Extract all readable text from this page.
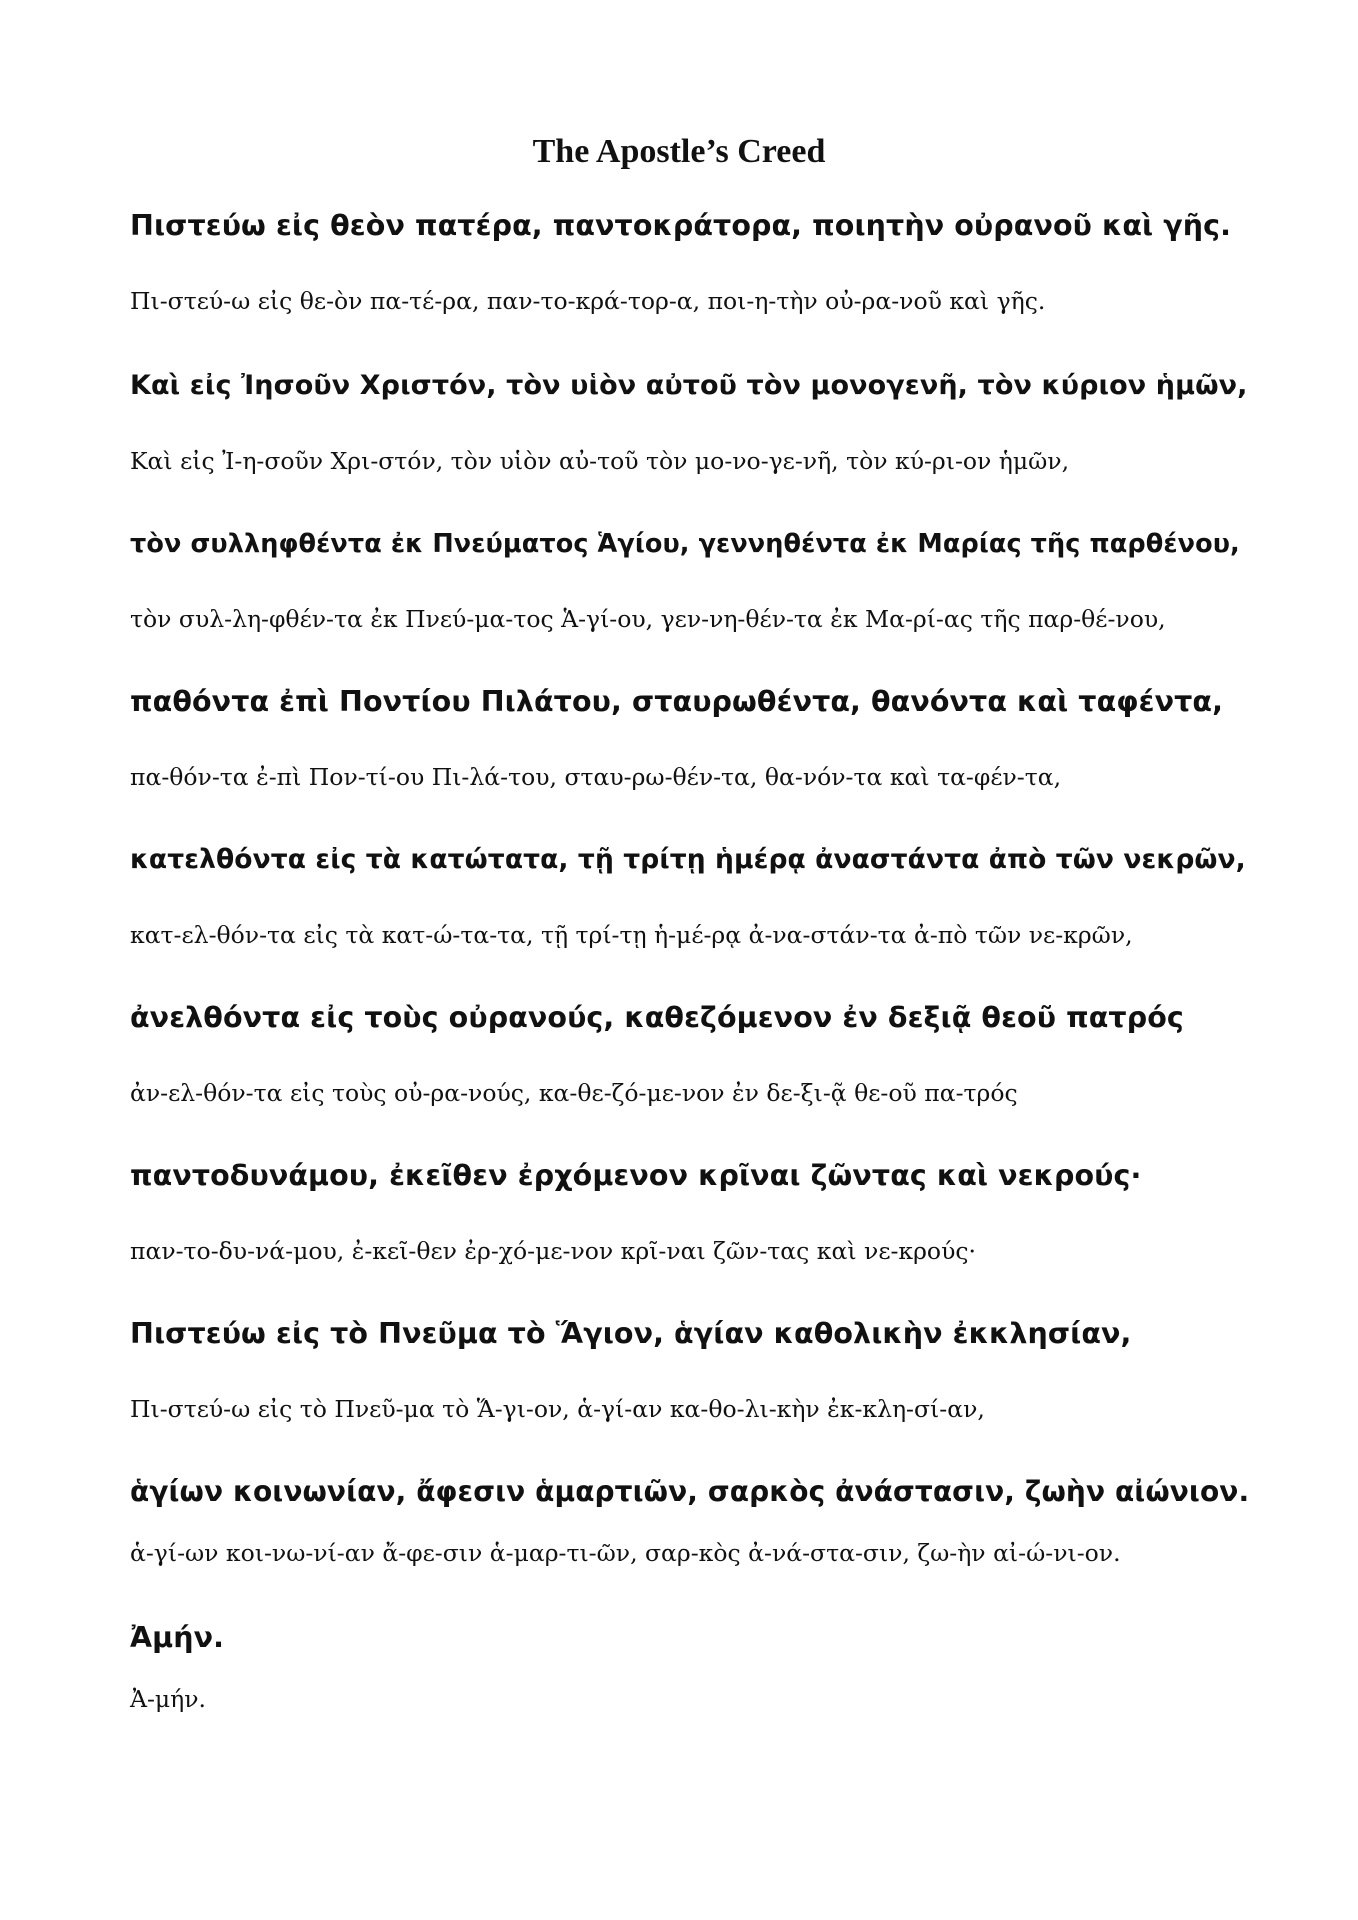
The Apostle’s Creed

Πιστεύω εἰς θεὸν πατέρα, παντοκράτορα, ποιητὴν οὐρανοῦ καὶ γῆς.

Πι-στεύ-ω εἰς θε-ὸν πα-τέ-ρα, παν-το-κρά-τορ-α, ποι-η-τὴν οὐ-ρα-νοῦ καὶ γῆς.

Καὶ εἰς Ἰησοῦν Χριστόν, τὸν υἱὸν αὐτοῦ τὸν μονογενῆ, τὸν κύριον ἡμῶν,

Καὶ εἰς Ἰ-η-σοῦν Χρι-στόν, τὸν υἱὸν αὐ-τοῦ τὸν μο-νο-γε-νῆ, τὸν κύ-ρι-ον ἡμῶν,

τὸν συλληφθέντα ἐκ Πνεύματος Ἁγίου, γεννηθέντα ἐκ Μαρίας τῆς παρθένου,

τὸν συλ-λη-φθέν-τα ἐκ Πνεύ-μα-τος Ἁ-γί-ου, γεν-νη-θέν-τα ἐκ Μα-ρί-ας τῆς παρ-θέ-νου,

παθόντα ἐπὶ Ποντίου Πιλάτου, σταυρωθέντα, θανόντα καὶ ταφέντα,

πα-θόν-τα ἐ-πὶ Πον-τί-ου Πι-λά-του, σταυ-ρω-θέν-τα, θα-νόν-τα καὶ τα-φέν-τα,

κατελθόντα εἰς τὰ κατώτατα, τῇ τρίτῃ ἡμέρᾳ ἀναστάντα ἀπὸ τῶν νεκρῶν,

κατ-ελ-θόν-τα εἰς τὰ κατ-ώ-τα-τα, τῇ τρί-τῃ ἡ-μέ-ρᾳ ἀ-να-στάν-τα ἀ-πὸ τῶν νε-κρῶν,

ἀνελθόντα εἰς τοὺς οὐρανούς, καθεζόμενον ἐν δεξιᾷ θεοῦ πατρός

ἀν-ελ-θόν-τα εἰς τοὺς οὐ-ρα-νούς, κα-θε-ζό-με-νον ἐν δε-ξι-ᾷ θε-οῦ πα-τρός

παντοδυνάμου, ἐκεῖθεν ἐρχόμενον κρῖναι ζῶντας καὶ νεκρούς·

παν-το-δυ-νά-μου, ἐ-κεῖ-θεν ἐρ-χό-με-νον κρῖ-ναι ζῶν-τας καὶ νε-κρούς·

Πιστεύω εἰς τὸ Πνεῦμα τὸ Ἅγιον, ἁγίαν καθολικὴν ἐκκλησίαν,

Πι-στεύ-ω εἰς τὸ Πνεῦ-μα τὸ Ἅ-γι-ον, ἁ-γί-αν κα-θο-λι-κὴν ἐκ-κλη-σί-αν,

ἁγίων κοινωνίαν, ἄφεσιν ἁμαρτιῶν, σαρκὸς ἀνάστασιν, ζωὴν αἰώνιον.

ἁ-γί-ων κοι-νω-νί-αν ἄ-φε-σιν ἁ-μαρ-τι-ῶν, σαρ-κὸς ἀ-νά-στα-σιν, ζω-ὴν αἰ-ώ-νι-ον.

Ἀμήν.

Ἀ-μήν.
